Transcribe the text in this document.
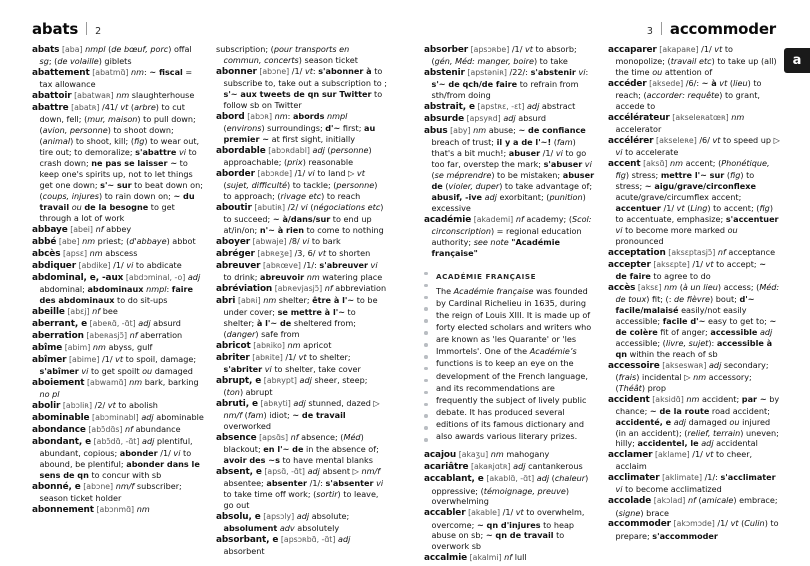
abats 2	3 accommoder
a

abats [aba] nmpl (de bœuf, porc) offal sg; (de volaille) giblets

abattement [abatmɑ̃] nm: ~ fiscal = tax allowance

abattoir [abatwaʀ] nm slaughterhouse

abattre [abatʀ] /41/ vt (arbre) to cut down, fell; (mur, maison) to pull down; (avion, personne) to shoot down; (animal) to shoot, kill; (fig) to wear out, tire out; to demoralize; s'abattre vi to crash down; ne pas se laisser ~ to keep one's spirits up, not to let things get one down; s'~ sur to beat down on; (coups, injures) to rain down on; ~ du travail ou de la besogne to get through a lot of work

abbaye [abei] nf abbey

abbé [abe] nm priest; (d'abbaye) abbot

abcès [apsɛ] nm abscess

abdiquer [abdike] /1/ vi to abdicate

abdominal, e, -aux [abdɔminal, -o] adj abdominal; abdominaux nmpl: faire des abdominaux to do sit-ups

abeille [abɛj] nf bee

aberrant, e [abeʀɑ̃, -ɑ̃t] adj absurd

aberration [abeʀasjɔ̃] nf aberration

abîme [abim] nm abyss, gulf

abîmer [abime] /1/ vt to spoil, damage; s'abîmer vi to get spoilt ou damaged

aboiement [abwamɑ̃] nm bark, barking no pl

abolir [abɔliʀ] /2/ vt to abolish

abominable [abɔminabl] adj abominable

abondance [abɔ̃dɑ̃s] nf abundance

abondant, e [abɔ̃dɑ̃, -ɑ̃t] adj plentiful, abundant, copious; abonder /1/ vi to abound, be plentiful; abonder dans le sens de qn to concur with sb

abonné, e [abɔne] nm/f subscriber; season ticket holder

abonnement [abɔnmɑ̃] nm

subscription; (pour transports en commun, concerts) season ticket

abonner [abɔne] /1/ vt: s'abonner à to subscribe to, take out a subscription to ; s'~ aux tweets de qn sur Twitter to follow sb on Twitter

abord [abɔʀ] nm: abords nmpl (environs) surroundings; d'~ first; au premier ~ at first sight, initially

abordable [abɔʀdabl] adj (personne) approachable; (prix) reasonable

aborder [abɔʀde] /1/ vi to land ▷ vt (sujet, difficulté) to tackle; (personne) to approach; (rivage etc) to reach

aboutir [abutiʀ] /2/ vi (négociations etc) to succeed; ~ à/dans/sur to end up at/in/on; n'~ à rien to come to nothing

aboyer [abwaje] /8/ vi to bark

abréger [abʀeʒe] /3, 6/ vt to shorten

abreuver [abʀœve] /1/: s'abreuver vi to drink; abreuvoir nm watering place

abréviation [abʀevjasjɔ̃] nf abbreviation

abri [abʀi] nm shelter; être à l'~ to be under cover; se mettre à l'~ to shelter; à l'~ de sheltered from; (danger) safe from

abricot [abʀiko] nm apricot

abriter [abʀite] /1/ vt to shelter; s'abriter vi to shelter, take cover

abrupt, e [abʀypt] adj sheer, steep; (ton) abrupt

abruti, e [abʀyti] adj stunned, dazed ▷ nm/f (fam) idiot; ~ de travail overworked

absence [apsɑ̃s] nf absence; (Méd) blackout; en l'~ de in the absence of; avoir des ~s to have mental blanks

absent, e [apsɑ̃, -ɑ̃t] adj absent ▷ nm/f absentee; absenter /1/: s'absenter vi to take time off work; (sortir) to leave, go out

absolu, e [apsɔly] adj absolute; absolument adv absolutely

absorbant, e [apsɔʀbɑ̃, -ɑ̃t] adj absorbent

absorber [apsɔʀbe] /1/ vt to absorb; (gén, Méd: manger, boire) to take

abstenir [apstəniʀ] /22/: s'abstenir vi: s'~ de qch/de faire to refrain from sth/from doing

abstrait, e [apstʀɛ, -ɛt] adj abstract

absurde [apsyʀd] adj absurd

abus [aby] nm abuse; ~ de confiance breach of trust; il y a de l'~! (fam) that's a bit much!; abuser /1/ vi to go too far, overstep the mark; s'abuser vi (se méprendre) to be mistaken; abuser de (violer, duper) to take advantage of; abusif, -ive adj exorbitant; (punition) excessive

académie [akademi] nf academy; (Scol: circonscription) = regional education authority; see note "Académie française"

ACADÉMIE FRANÇAISE
The Académie française was founded by Cardinal Richelieu in 1635, during the reign of Louis XIII. It is made up of forty elected scholars and writers who are known as 'les Quarante' or 'les Immortels'. One of the Académie’s functions is to keep an eye on the development of the French language, and its recommendations are frequently the subject of lively public debate. It has produced several editions of its famous dictionary and also awards various literary prizes.

acajou [akaʒu] nm mahogany

acariâtre [akaʀjɑtʀ] adj cantankerous

accablant, e [akablɑ̃, -ɑ̃t] adj (chaleur) oppressive; (témoignage, preuve) overwhelming

accabler [akable] /1/ vt to overwhelm, overcome; ~ qn d'injures to heap abuse on sb; ~ qn de travail to overwork sb

accalmie [akalmi] nf lull

accaparer [akapaʀe] /1/ vt to monopolize; (travail etc) to take up (all) the time ou attention of

accéder [aksede] /6/: ~ à vt (lieu) to reach; (accorder: requête) to grant, accede to

accélérateur [akseleʀatœʀ] nm accelerator

accélérer [akseleʀe] /6/ vt to speed up ▷ vi to accelerate

accent [aksɑ̃] nm accent; (Phonétique, fig) stress; mettre l'~ sur (fig) to stress; ~ aigu/grave/circonflexe acute/grave/circumflex accent; accentuer /1/ vt (Ling) to accent; (fig) to accentuate, emphasize; s'accentuer vi to become more marked ou pronounced

acceptation [aksɛptasjɔ̃] nf acceptance

accepter [aksɛpte] /1/ vt to accept; ~ de faire to agree to do

accès [aksɛ] nm (à un lieu) access; (Méd: de toux) fit; (: de fièvre) bout; d'~ facile/malaisé easily/not easily accessible; facile d'~ easy to get to; ~ de colère fit of anger; accessible adj accessible; (livre, sujet): accessible à qn within the reach of sb

accessoire [akseswaʀ] adj secondary; (frais) incidental ▷ nm accessory; (Théât) prop

accident [aksidɑ̃] nm accident; par ~ by chance; ~ de la route road accident; accidenté, e adj damaged ou injured (in an accident); (relief, terrain) uneven; hilly; accidentel, le adj accidental

acclamer [aklame] /1/ vt to cheer, acclaim

acclimater [aklimate] /1/: s'acclimater vi to become acclimatized

accolade [akɔlad] nf (amicale) embrace; (signe) brace

accommoder [akɔmɔde] /1/ vt (Culin) to prepare; s'accommoder
